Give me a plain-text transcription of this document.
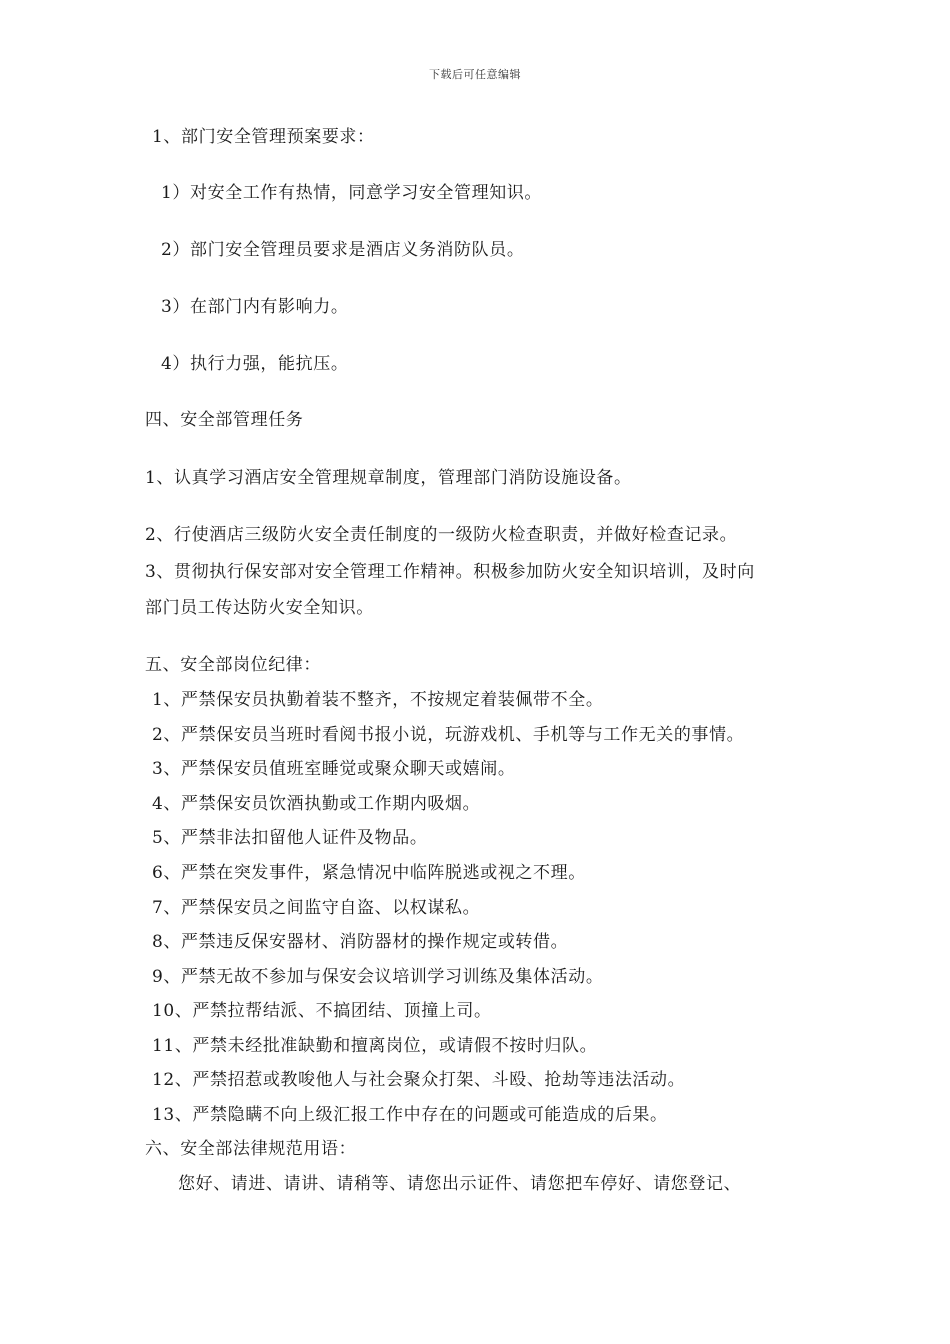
下载后可任意编辑
1、部门安全管理预案要求：
1）对安全工作有热情，同意学习安全管理知识。
2）部门安全管理员要求是酒店义务消防队员。
3）在部门内有影响力。
4）执行力强，能抗压。
四、安全部管理任务
1、认真学习酒店安全管理规章制度，管理部门消防设施设备。
2、行使酒店三级防火安全责任制度的一级防火检查职责，并做好检查记录。
3、贯彻执行保安部对安全管理工作精神。积极参加防火安全知识培训，及时向
部门员工传达防火安全知识。
五、安全部岗位纪律：
1、严禁保安员执勤着装不整齐，不按规定着装佩带不全。
2、严禁保安员当班时看阅书报小说，玩游戏机、手机等与工作无关的事情。
3、严禁保安员值班室睡觉或聚众聊天或嬉闹。
4、严禁保安员饮酒执勤或工作期内吸烟。
5、严禁非法扣留他人证件及物品。
6、严禁在突发事件，紧急情况中临阵脱逃或视之不理。
7、严禁保安员之间监守自盗、以权谋私。
8、严禁违反保安器材、消防器材的操作规定或转借。
9、严禁无故不参加与保安会议培训学习训练及集体活动。
10、严禁拉帮结派、不搞团结、顶撞上司。
11、严禁未经批准缺勤和擅离岗位，或请假不按时归队。
12、严禁招惹或教唆他人与社会聚众打架、斗殴、抢劫等违法活动。
13、严禁隐瞒不向上级汇报工作中存在的问题或可能造成的后果。
六、安全部法律规范用语：
您好、请进、请讲、请稍等、请您出示证件、请您把车停好、请您登记、
